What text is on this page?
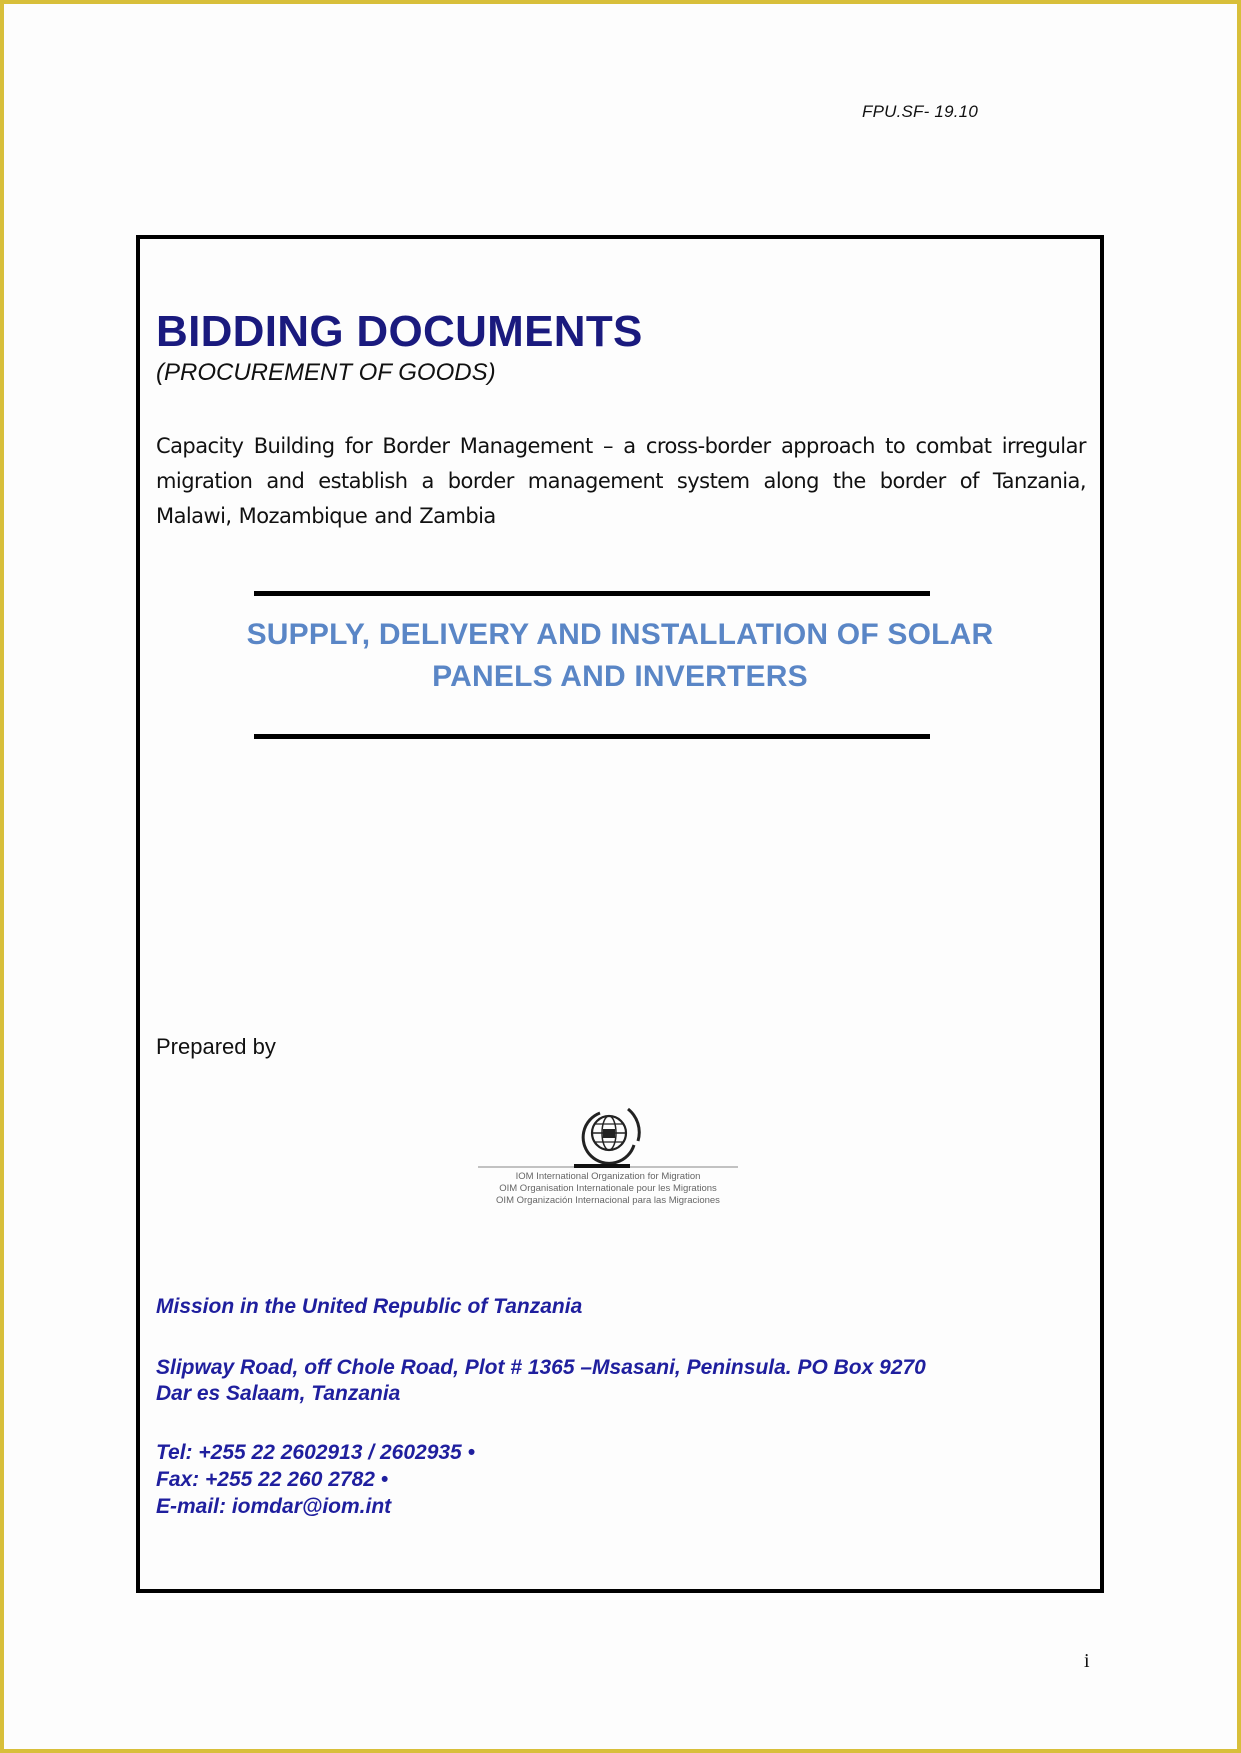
FPU.SF- 19.10
BIDDING DOCUMENTS
(PROCUREMENT OF GOODS)
Capacity Building for Border Management – a cross-border approach to combat irregular migration and establish a border management system along the border of Tanzania, Malawi, Mozambique and Zambia
SUPPLY, DELIVERY AND INSTALLATION OF SOLAR
PANELS AND INVERTERS
Prepared by
IOM International Organization for Migration
OIM Organisation Internationale pour les Migrations
OIM Organización Internacional para las Migraciones
Mission in the United Republic of Tanzania
Slipway Road, off Chole Road, Plot # 1365 –Msasani, Peninsula. PO Box 9270
Dar es Salaam, Tanzania
Tel: +255 22 2602913 / 2602935 •
Fax: +255 22 260 2782 •
E-mail: iomdar@iom.int
i
